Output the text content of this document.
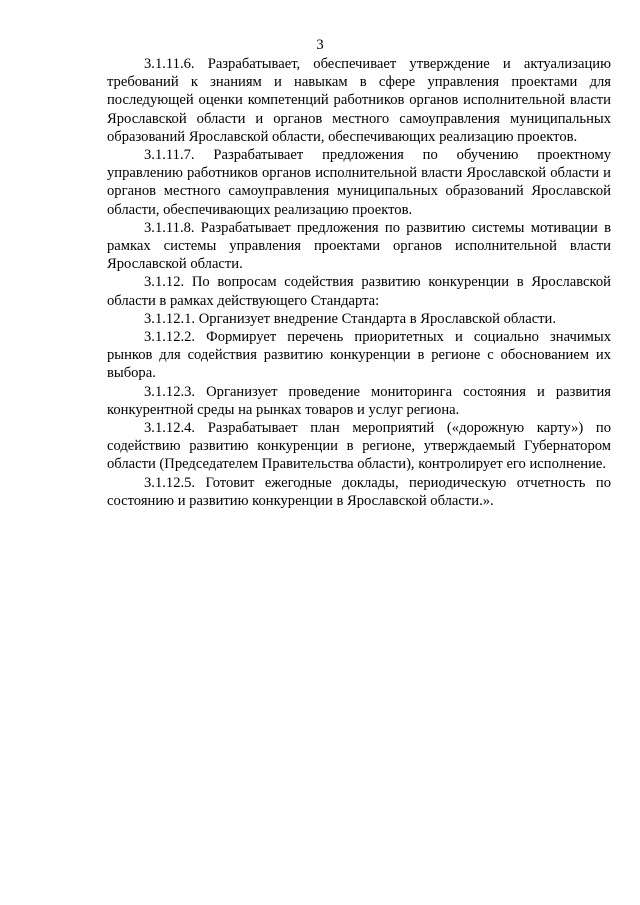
3

3.1.11.6. Разрабатывает, обеспечивает утверждение и актуализацию требований к знаниям и навыкам в сфере управления проектами для последующей оценки компетенций работников органов исполнительной власти Ярославской области и органов местного самоуправления муниципальных образований Ярославской области, обеспечивающих реализацию проектов.

3.1.11.7. Разрабатывает предложения по обучению проектному управлению работников органов исполнительной власти Ярославской области и органов местного самоуправления муниципальных образований Ярославской области, обеспечивающих реализацию проектов.

3.1.11.8. Разрабатывает предложения по развитию системы мотивации в рамках системы управления проектами органов исполнительной власти Ярославской области.

3.1.12. По вопросам содействия развитию конкуренции в Ярославской области в рамках действующего Стандарта:

3.1.12.1. Организует внедрение Стандарта в Ярославской области.

3.1.12.2. Формирует перечень приоритетных и социально значимых рынков для содействия развитию конкуренции в регионе с обоснованием их выбора.

3.1.12.3. Организует проведение мониторинга состояния и развития конкурентной среды на рынках товаров и услуг региона.

3.1.12.4. Разрабатывает план мероприятий («дорожную карту») по содействию развитию конкуренции в регионе, утверждаемый Губернатором области (Председателем Правительства области), контролирует его исполнение.

3.1.12.5. Готовит ежегодные доклады, периодическую отчетность по состоянию и развитию конкуренции в Ярославской области.».
